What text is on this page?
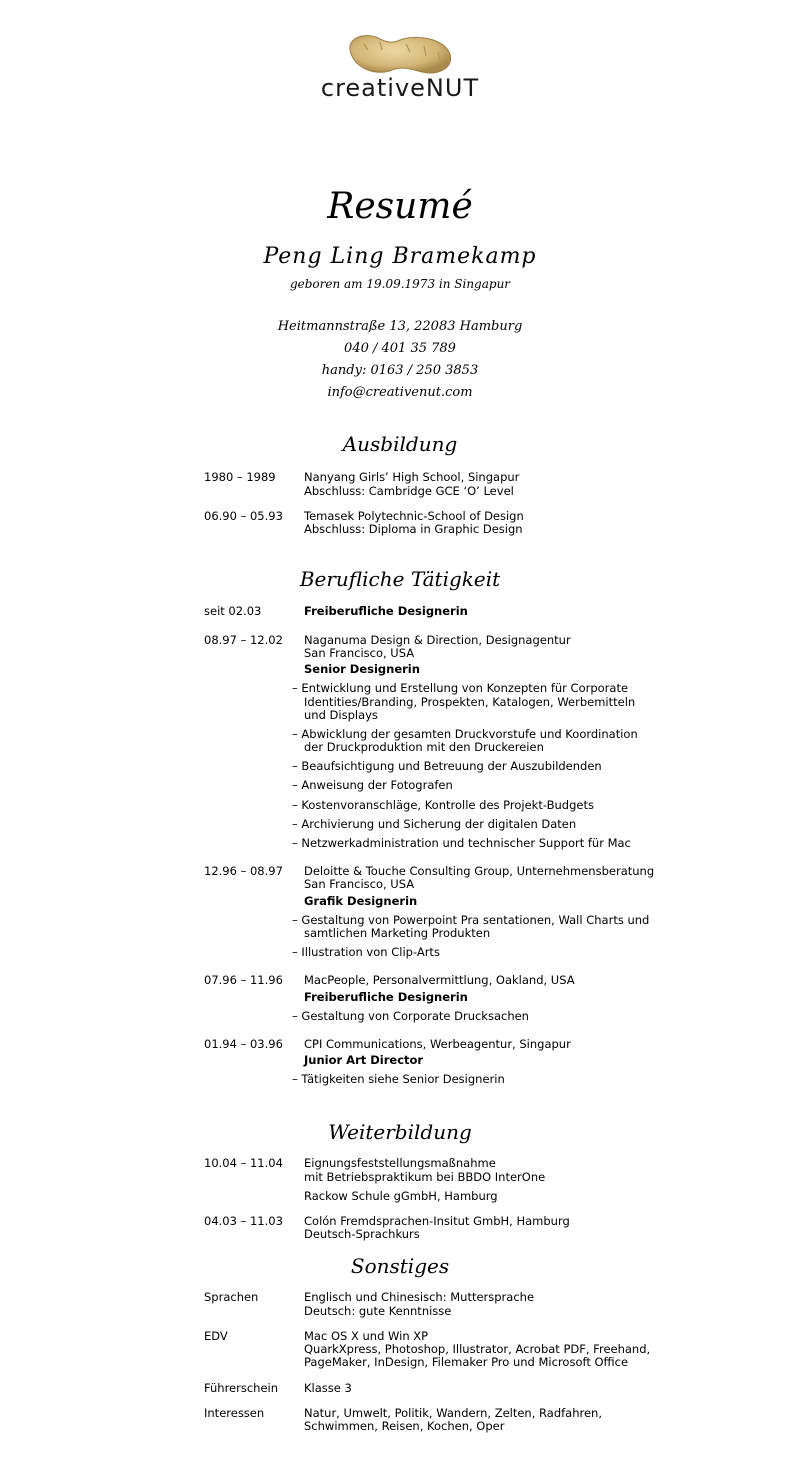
creativeNUT
Resumé
Peng Ling Bramekamp
geboren am 19.09.1973 in Singapur
Heitmannstraße 13, 22083 Hamburg
040 / 401 35 789
handy: 0163 / 250 3853
info@creativenut.com
Ausbildung
1980 – 1989 Nanyang Girls’ High School, Singapur
Abschluss: Cambridge GCE ‘O’ Level
06.90 – 05.93 Temasek Polytechnic-School of Design
Abschluss: Diploma in Graphic Design
Berufliche Tätigkeit
seit 02.03	Freiberufliche Designerin
08.97 – 12.02 Naganuma Design & Direction, Designagentur
San Francisco, USA
Senior Designerin
– Entwicklung und Erstellung von Konzepten für Corporate
Identities/Branding, Prospekten, Katalogen, Werbemitteln
und Displays
– Abwicklung der gesamten Druckvorstufe und Koordination
der Druckproduktion mit den Druckereien
– Beaufsichtigung und Betreuung der Auszubildenden
– Anweisung der Fotografen
– Kostenvoranschläge, Kontrolle des Projekt-Budgets
– Archivierung und Sicherung der digitalen Daten
– Netzwerkadministration und technischer Support für Mac
12.96 – 08.97 Deloitte & Touche Consulting Group, Unternehmensberatung
San Francisco, USA
Grafik Designerin
– Gestaltung von Powerpoint Pra sentationen, Wall Charts und
samtlichen Marketing Produkten
– Illustration von Clip-Arts
07.96 – 11.96 MacPeople, Personalvermittlung, Oakland, USA
Freiberufliche Designerin
– Gestaltung von Corporate Drucksachen
01.94 – 03.96 CPI Communications, Werbeagentur, Singapur
Junior Art Director
– Tätigkeiten siehe Senior Designerin
Weiterbildung
10.04 – 11.04 Eignungsfeststellungsmaßnahme
mit Betriebspraktikum bei BBDO InterOne
Rackow Schule gGmbH, Hamburg
04.03 – 11.03 Colón Fremdsprachen-Insitut GmbH, Hamburg
Deutsch-Sprachkurs
Sonstiges
Sprachen	Englisch und Chinesisch: Muttersprache
Deutsch: gute Kenntnisse
EDV	Mac OS X und Win XP
QuarkXpress, Photoshop, Illustrator, Acrobat PDF, Freehand,
PageMaker, InDesign, Filemaker Pro und Microsoft Office
Führerschein Klasse 3
Interessen	Natur, Umwelt, Politik, Wandern, Zelten, Radfahren,
Schwimmen, Reisen, Kochen, Oper
